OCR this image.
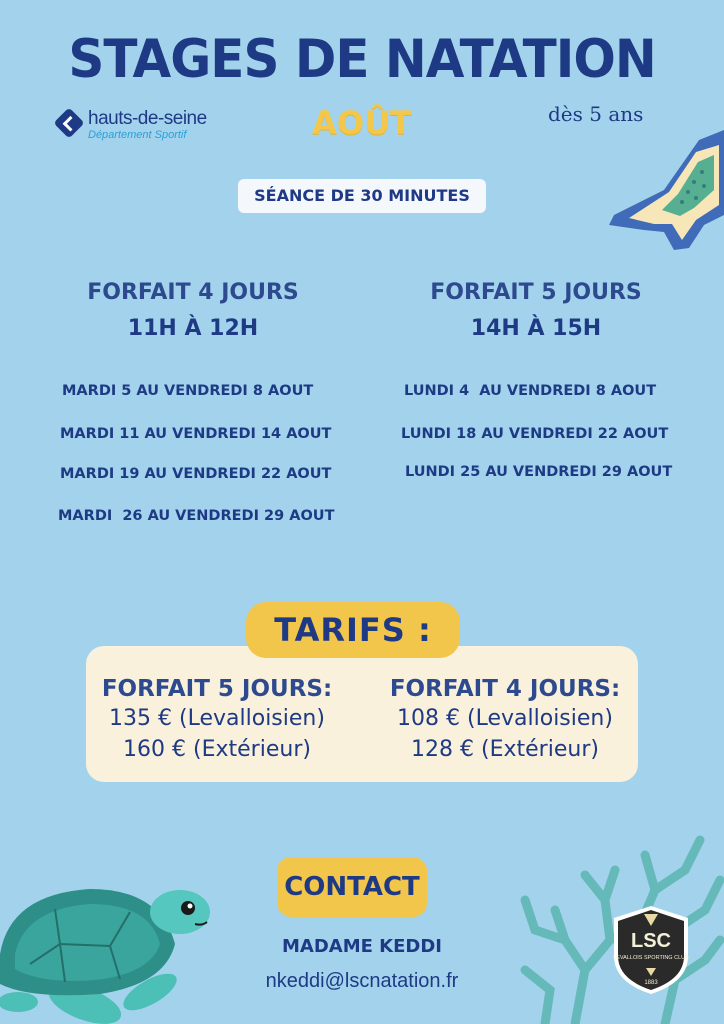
STAGES DE NATATION
hauts-de-seine
Département Sportif	AOÛT	dès 5 ans
SÉANCE DE 30 MINUTES
FORFAIT 4 JOURS
11H À 12H
MARDI 5 AU VENDREDI 8 AOUT
MARDI 11 AU VENDREDI 14 AOUT
MARDI 19 AU VENDREDI 22 AOUT
MARDI  26 AU VENDREDI 29 AOUT
FORFAIT 5 JOURS
14H À 15H
LUNDI 4  AU VENDREDI 8 AOUT
LUNDI 18 AU VENDREDI 22 AOUT
LUNDI 25 AU VENDREDI 29 AOUT
TARIFS :
FORFAIT 5 JOURS:
135 € (Levalloisien)
160 € (Extérieur)
FORFAIT 4 JOURS:
108 € (Levalloisien)
128 € (Extérieur)
CONTACT
MADAME KEDDI
nkeddi@lscnatation.fr
LSC
LEVALLOIS SPORTING CLUB
1883
